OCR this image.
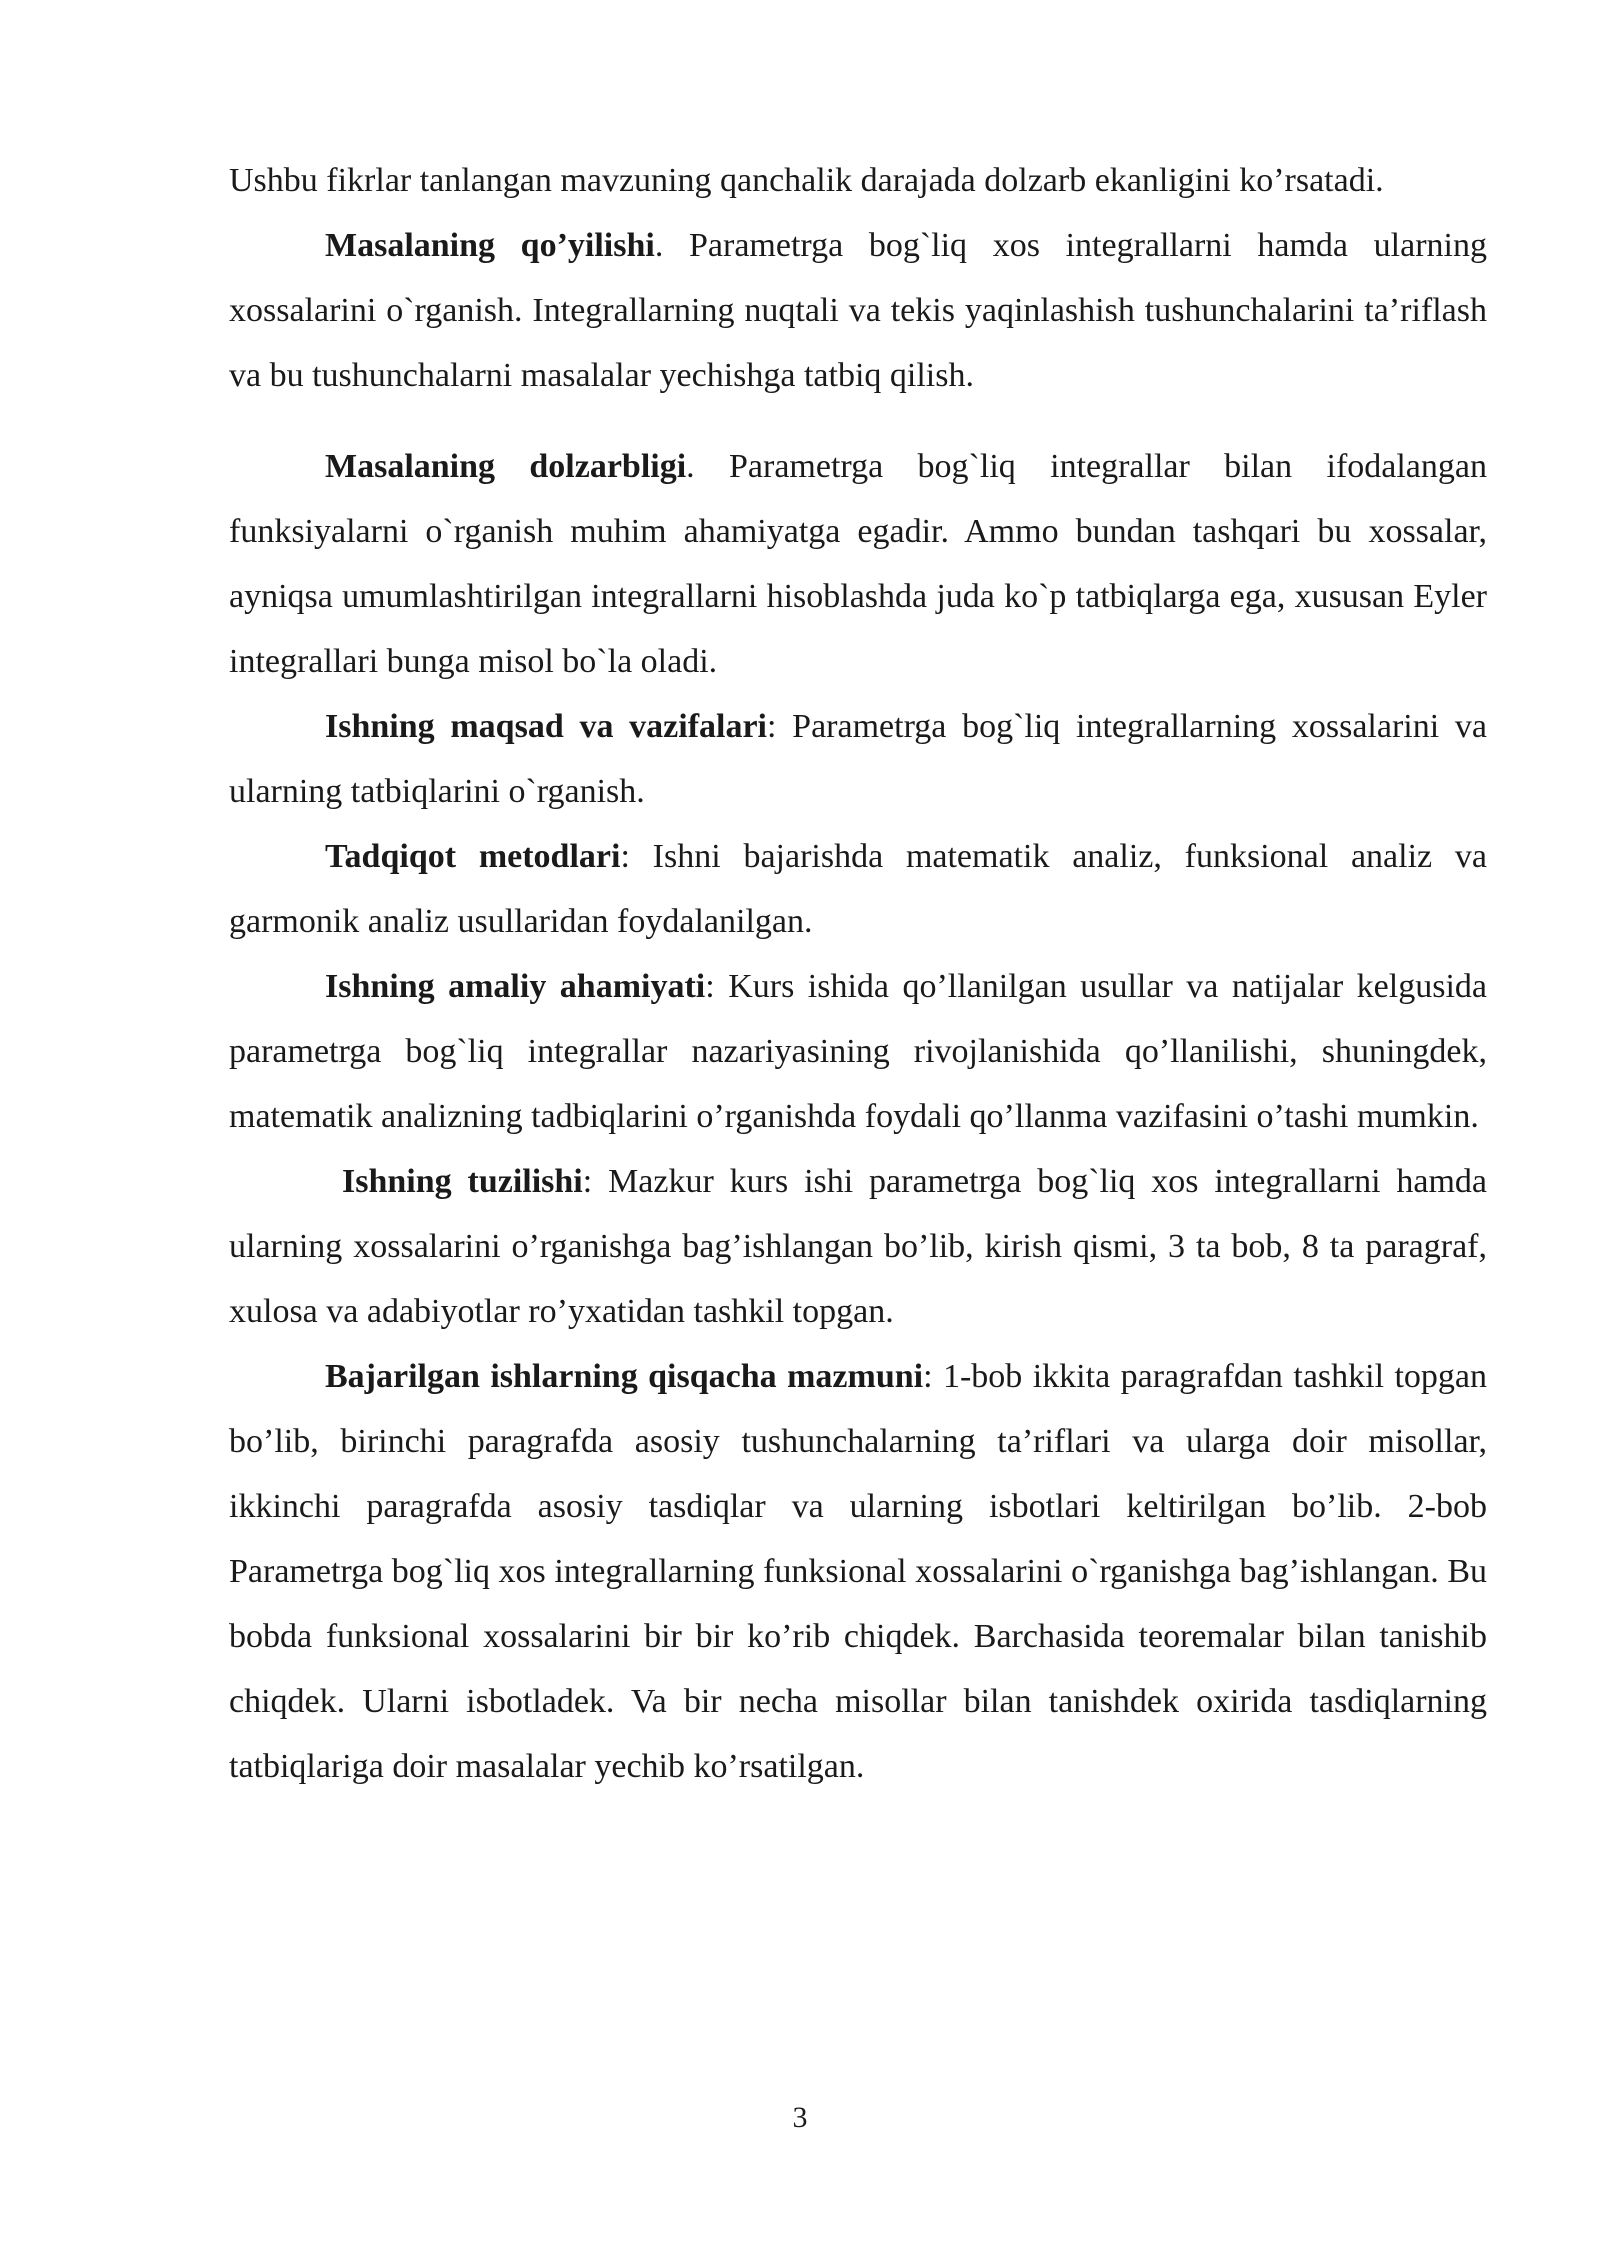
Ushbu fikrlar tanlangan mavzuning qanchalik darajada dolzarb ekanligini ko’rsatadi.

Masalaning qo’yilishi. Parametrga bog`liq xos integrallarni hamda ularning xossalarini o`rganish. Integrallarning nuqtali va tekis yaqinlashish tushunchalarini ta’riflash va bu tushunchalarni masalalar yechishga tatbiq qilish.

Masalaning dolzarbligi. Parametrga bog`liq integrallar bilan ifodalangan funksiyalarni o`rganish muhim ahamiyatga egadir. Ammo bundan tashqari bu xossalar, ayniqsa umumlashtirilgan integrallarni hisoblashda juda ko`p tatbiqlarga ega, xususan Eyler integrallari bunga misol bo`la oladi.

Ishning maqsad va vazifalari: Parametrga bog`liq integrallarning xossalarini va ularning tatbiqlarini o`rganish.

Tadqiqot metodlari: Ishni bajarishda matematik analiz, funksional analiz va garmonik analiz usullaridan foydalanilgan.

Ishning amaliy ahamiyati: Kurs ishida qo’llanilgan usullar va natijalar kelgusida parametrga bog`liq integrallar nazariyasining rivojlanishida qo’llanilishi, shuningdek, matematik analizning tadbiqlarini o’rganishda foydali qo’llanma vazifasini o’tashi mumkin.

Ishning tuzilishi: Mazkur kurs ishi parametrga bog`liq xos integrallarni hamda ularning xossalarini o’rganishga bag’ishlangan bo’lib, kirish qismi, 3 ta bob, 8 ta paragraf, xulosa va adabiyotlar ro’yxatidan tashkil topgan.

Bajarilgan ishlarning qisqacha mazmuni: 1-bob ikkita paragrafdan tashkil topgan bo’lib, birinchi paragrafda asosiy tushunchalarning ta’riflari va ularga doir misollar, ikkinchi paragrafda asosiy tasdiqlar va ularning isbotlari keltirilgan bo’lib. 2-bob Parametrga bog`liq xos integrallarning funksional xossalarini o`rganishga bag’ishlangan. Bu bobda funksional xossalarini bir bir ko’rib chiqdek. Barchasida teoremalar bilan tanishib chiqdek. Ularni isbotladek. Va bir necha misollar bilan tanishdek oxirida tasdiqlarning tatbiqlariga doir masalalar yechib ko’rsatilgan.

3
